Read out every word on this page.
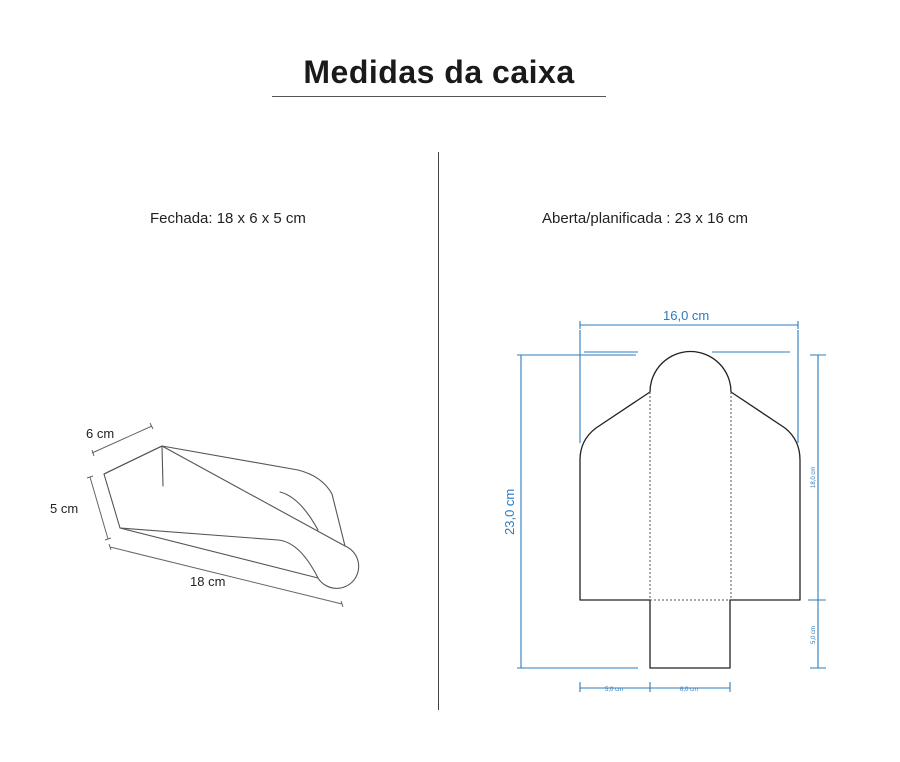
Medidas da caixa
Fechada: 18 x 6 x 5 cm	Aberta/planificada : 23 x 16 cm
6 cm
5 cm
18 cm
16,0 cm
23,0 cm
18,0 cm
5,0 cm
5,0 cm	6,0 cm
